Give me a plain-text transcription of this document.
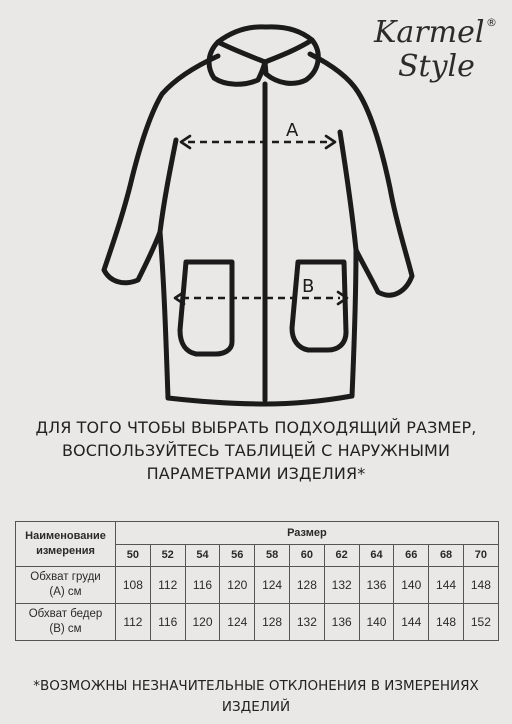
Karmel ®
Style
A
B
ДЛЯ ТОГО ЧТОБЫ ВЫБРАТЬ ПОДХОДЯЩИЙ РАЗМЕР,
ВОСПОЛЬЗУЙТЕСЬ ТАБЛИЦЕЙ С НАРУЖНЫМИ
ПАРАМЕТРАМИ ИЗДЕЛИЯ*
Наименование
измерения	Размер										
	50	52	54	56	58	60	62	64	66	68	70

Обхват груди
(А) см	108	112	116	120	124	128	132	136	140	144	148

Обхват бедер
(В) см	112	116	120	124	128	132	136	140	144	148	152
*ВОЗМОЖНЫ НЕЗНАЧИТЕЛЬНЫЕ ОТКЛОНЕНИЯ В ИЗМЕРЕНИЯХ
ИЗДЕЛИЙ
